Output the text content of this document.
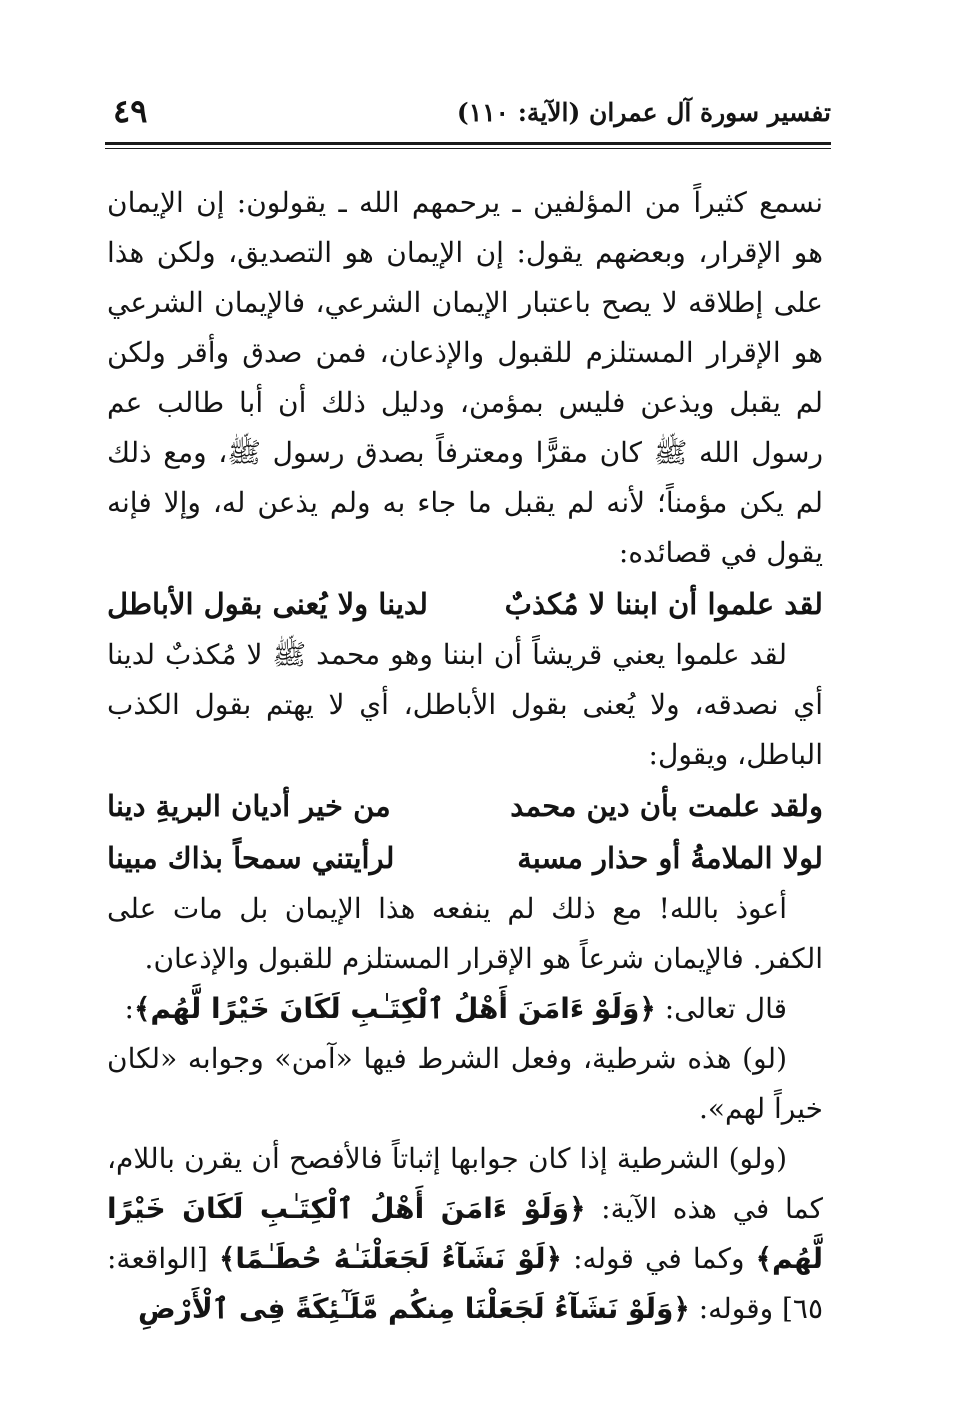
تفسير سورة آل عمران (الآية: ١١٠)
٤٩

نسمع كثيراً من المؤلفين ـ يرحمهم الله ـ يقولون: إن الإيمان هو الإقرار، وبعضهم يقول: إن الإيمان هو التصديق، ولكن هذا على إطلاقه لا يصح باعتبار الإيمان الشرعي، فالإيمان الشرعي هو الإقرار المستلزم للقبول والإذعان، فمن صدق وأقر ولكن لم يقبل ويذعن فليس بمؤمن، ودليل ذلك أن أبا طالب عم رسول الله ﷺ كان مقرًّا ومعترفاً بصدق رسول ﷺ، ومع ذلك لم يكن مؤمناً؛ لأنه لم يقبل ما جاء به ولم يذعن له، وإلا فإنه يقول في قصائده:

لقد علموا أن ابننا لا مُكذبٌ
لدينا ولا يُعنى بقول الأباطل

لقد علموا يعني قريشاً أن ابننا وهو محمد ﷺ لا مُكذبٌ لدينا أي نصدقه، ولا يُعنى بقول الأباطل، أي لا يهتم بقول الكذب الباطل، ويقول:

ولقد علمت بأن دين محمد
من خير أديان البريةِ دينا
لولا الملامةُ أو حذار مسبة
لرأيتني سمحاً بذاك مبينا

أعوذ بالله! مع ذلك لم ينفعه هذا الإيمان بل مات على الكفر. فالإيمان شرعاً هو الإقرار المستلزم للقبول والإذعان.

قال تعالى: ﴿وَلَوْ ءَامَنَ أَهْلُ ٱلْكِتَـٰبِ لَكَانَ خَيْرًا لَّهُم﴾:

(لو) هذه شرطية، وفعل الشرط فيها «آمن» وجوابه «لكان خيراً لهم».

(ولو) الشرطية إذا كان جوابها إثباتاً فالأفصح أن يقرن باللام، كما في هذه الآية: ﴿وَلَوْ ءَامَنَ أَهْلُ ٱلْكِتَـٰبِ لَكَانَ خَيْرًا لَّهُم﴾ وكما في قوله: ﴿لَوْ نَشَآءُ لَجَعَلْنَـٰهُ حُطَـٰمًا﴾ [الواقعة: ٦٥] وقوله: ﴿وَلَوْ نَشَآءُ لَجَعَلْنَا مِنكُم مَّلَـٰٓئِكَةً فِى ٱلْأَرْضِ
